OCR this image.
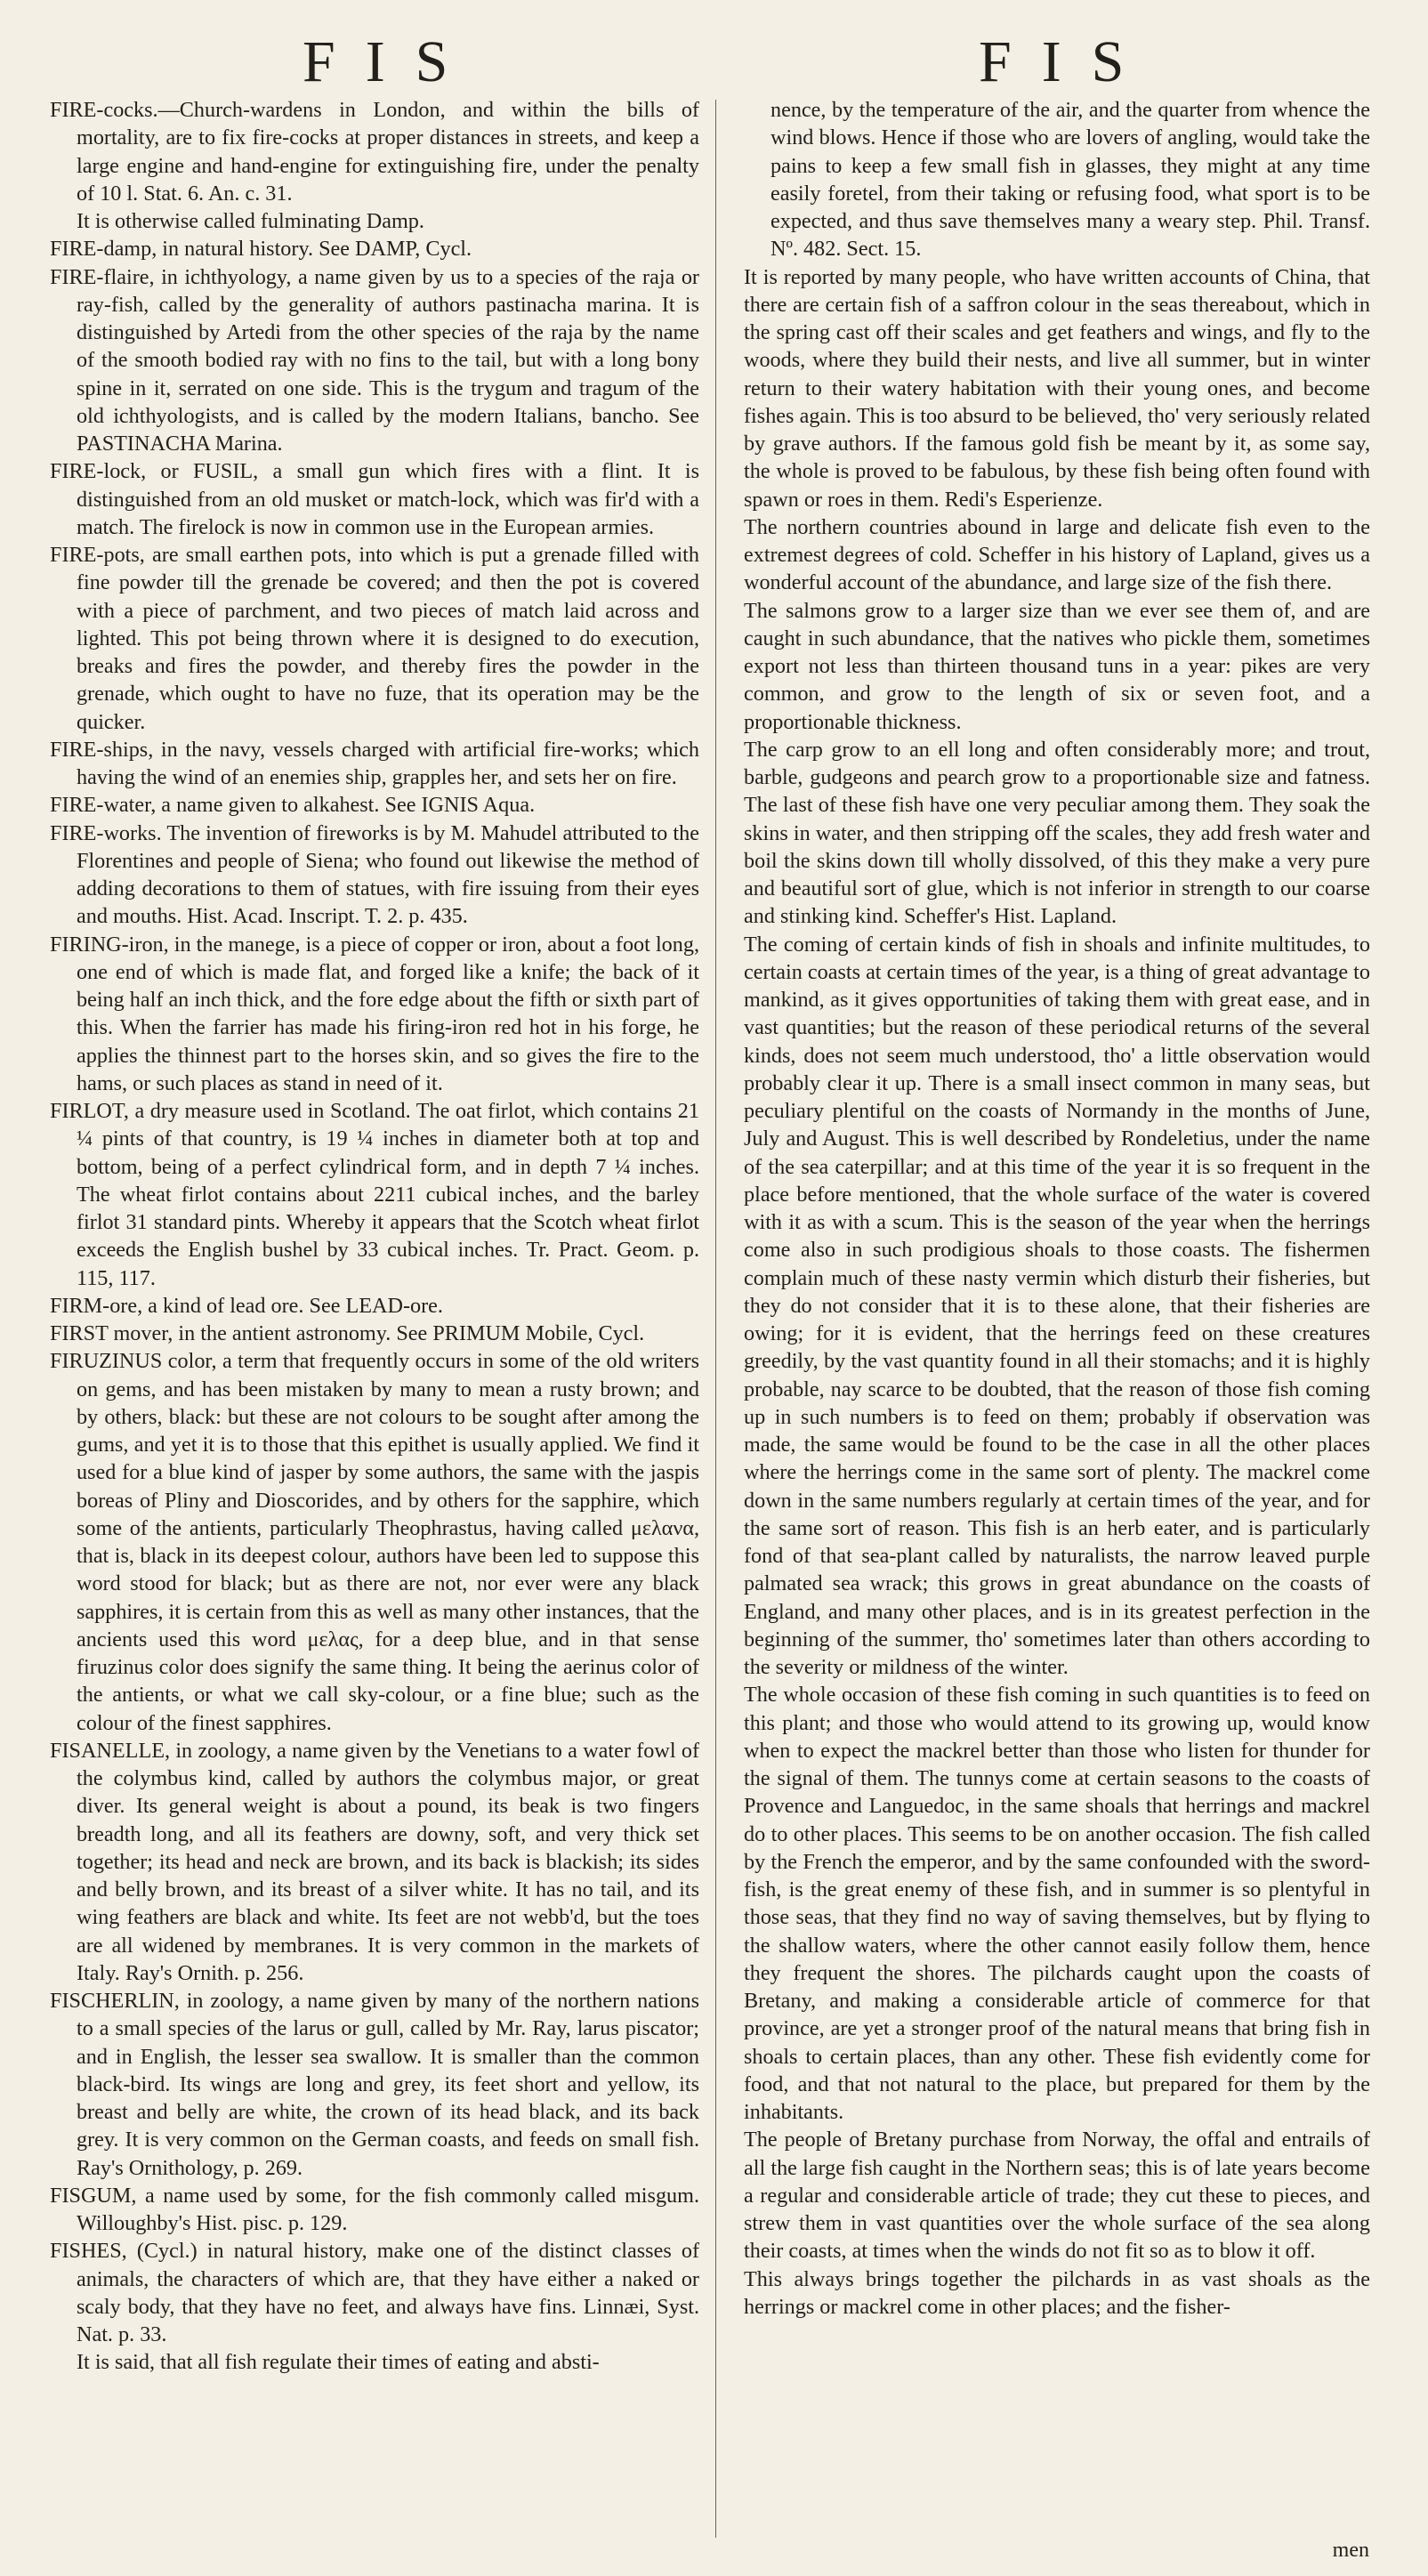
FIS	FIS

FIRE-cocks.—Church-wardens in London, and within the bills of mortality, are to fix fire-cocks at proper distances in streets, and keep a large engine and hand-engine for extinguishing fire, under the penalty of 10 l. Stat. 6. An. c. 31.

It is otherwise called fulminating Damp.

FIRE-damp, in natural history. See DAMP, Cycl.

FIRE-flaire, in ichthyology, a name given by us to a species of the raja or ray-fish, called by the generality of authors pastinacha marina. It is distinguished by Artedi from the other species of the raja by the name of the smooth bodied ray with no fins to the tail, but with a long bony spine in it, serrated on one side. This is the trygum and tragum of the old ichthyologists, and is called by the modern Italians, bancho. See PASTINACHA Marina.

FIRE-lock, or FUSIL, a small gun which fires with a flint. It is distinguished from an old musket or match-lock, which was fir'd with a match. The firelock is now in common use in the European armies.

FIRE-pots, are small earthen pots, into which is put a grenade filled with fine powder till the grenade be covered; and then the pot is covered with a piece of parchment, and two pieces of match laid across and lighted. This pot being thrown where it is designed to do execution, breaks and fires the powder, and thereby fires the powder in the grenade, which ought to have no fuze, that its operation may be the quicker.

FIRE-ships, in the navy, vessels charged with artificial fire-works; which having the wind of an enemies ship, grapples her, and sets her on fire.

FIRE-water, a name given to alkahest. See IGNIS Aqua.

FIRE-works. The invention of fireworks is by M. Mahudel attributed to the Florentines and people of Siena; who found out likewise the method of adding decorations to them of statues, with fire issuing from their eyes and mouths. Hist. Acad. Inscript. T. 2. p. 435.

FIRING-iron, in the manege, is a piece of copper or iron, about a foot long, one end of which is made flat, and forged like a knife; the back of it being half an inch thick, and the fore edge about the fifth or sixth part of this. When the farrier has made his firing-iron red hot in his forge, he applies the thinnest part to the horses skin, and so gives the fire to the hams, or such places as stand in need of it.

FIRLOT, a dry measure used in Scotland. The oat firlot, which contains 21 ¼ pints of that country, is 19 ¼ inches in diameter both at top and bottom, being of a perfect cylindrical form, and in depth 7 ¼ inches. The wheat firlot contains about 2211 cubical inches, and the barley firlot 31 standard pints. Whereby it appears that the Scotch wheat firlot exceeds the English bushel by 33 cubical inches. Tr. Pract. Geom. p. 115, 117.

FIRM-ore, a kind of lead ore. See LEAD-ore.

FIRST mover, in the antient astronomy. See PRIMUM Mobile, Cycl.

FIRUZINUS color, a term that frequently occurs in some of the old writers on gems, and has been mistaken by many to mean a rusty brown; and by others, black: but these are not colours to be sought after among the gums, and yet it is to those that this epithet is usually applied. We find it used for a blue kind of jasper by some authors, the same with the jaspis boreas of Pliny and Dioscorides, and by others for the sapphire, which some of the antients, particularly Theophrastus, having called μελανα, that is, black in its deepest colour, authors have been led to suppose this word stood for black; but as there are not, nor ever were any black sapphires, it is certain from this as well as many other instances, that the ancients used this word μελας, for a deep blue, and in that sense firuzinus color does signify the same thing. It being the aerinus color of the antients, or what we call sky-colour, or a fine blue; such as the colour of the finest sapphires.

FISANELLE, in zoology, a name given by the Venetians to a water fowl of the colymbus kind, called by authors the colymbus major, or great diver. Its general weight is about a pound, its beak is two fingers breadth long, and all its feathers are downy, soft, and very thick set together; its head and neck are brown, and its back is blackish; its sides and belly brown, and its breast of a silver white. It has no tail, and its wing feathers are black and white. Its feet are not webb'd, but the toes are all widened by membranes. It is very common in the markets of Italy. Ray's Ornith. p. 256.

FISCHERLIN, in zoology, a name given by many of the northern nations to a small species of the larus or gull, called by Mr. Ray, larus piscator; and in English, the lesser sea swallow. It is smaller than the common black-bird. Its wings are long and grey, its feet short and yellow, its breast and belly are white, the crown of its head black, and its back grey. It is very common on the German coasts, and feeds on small fish. Ray's Ornithology, p. 269.

FISGUM, a name used by some, for the fish commonly called misgum. Willoughby's Hist. pisc. p. 129.

FISHES, (Cycl.) in natural history, make one of the distinct classes of animals, the characters of which are, that they have either a naked or scaly body, that they have no feet, and always have fins. Linnæi, Syst. Nat. p. 33.

It is said, that all fish regulate their times of eating and absti-

nence, by the temperature of the air, and the quarter from whence the wind blows. Hence if those who are lovers of angling, would take the pains to keep a few small fish in glasses, they might at any time easily foretel, from their taking or refusing food, what sport is to be expected, and thus save themselves many a weary step. Phil. Transf. Nº. 482. Sect. 15.

It is reported by many people, who have written accounts of China, that there are certain fish of a saffron colour in the seas thereabout, which in the spring cast off their scales and get feathers and wings, and fly to the woods, where they build their nests, and live all summer, but in winter return to their watery habitation with their young ones, and become fishes again. This is too absurd to be believed, tho' very seriously related by grave authors. If the famous gold fish be meant by it, as some say, the whole is proved to be fabulous, by these fish being often found with spawn or roes in them. Redi's Esperienze.

The northern countries abound in large and delicate fish even to the extremest degrees of cold. Scheffer in his history of Lapland, gives us a wonderful account of the abundance, and large size of the fish there.

The salmons grow to a larger size than we ever see them of, and are caught in such abundance, that the natives who pickle them, sometimes export not less than thirteen thousand tuns in a year: pikes are very common, and grow to the length of six or seven foot, and a proportionable thickness.

The carp grow to an ell long and often considerably more; and trout, barble, gudgeons and pearch grow to a proportionable size and fatness. The last of these fish have one very peculiar among them. They soak the skins in water, and then stripping off the scales, they add fresh water and boil the skins down till wholly dissolved, of this they make a very pure and beautiful sort of glue, which is not inferior in strength to our coarse and stinking kind. Scheffer's Hist. Lapland.

The coming of certain kinds of fish in shoals and infinite multitudes, to certain coasts at certain times of the year, is a thing of great advantage to mankind, as it gives opportunities of taking them with great ease, and in vast quantities; but the reason of these periodical returns of the several kinds, does not seem much understood, tho' a little observation would probably clear it up. There is a small insect common in many seas, but peculiary plentiful on the coasts of Normandy in the months of June, July and August. This is well described by Rondeletius, under the name of the sea caterpillar; and at this time of the year it is so frequent in the place before mentioned, that the whole surface of the water is covered with it as with a scum. This is the season of the year when the herrings come also in such prodigious shoals to those coasts. The fishermen complain much of these nasty vermin which disturb their fisheries, but they do not consider that it is to these alone, that their fisheries are owing; for it is evident, that the herrings feed on these creatures greedily, by the vast quantity found in all their stomachs; and it is highly probable, nay scarce to be doubted, that the reason of those fish coming up in such numbers is to feed on them; probably if observation was made, the same would be found to be the case in all the other places where the herrings come in the same sort of plenty. The mackrel come down in the same numbers regularly at certain times of the year, and for the same sort of reason. This fish is an herb eater, and is particularly fond of that sea-plant called by naturalists, the narrow leaved purple palmated sea wrack; this grows in great abundance on the coasts of England, and many other places, and is in its greatest perfection in the beginning of the summer, tho' sometimes later than others according to the severity or mildness of the winter.

The whole occasion of these fish coming in such quantities is to feed on this plant; and those who would attend to its growing up, would know when to expect the mackrel better than those who listen for thunder for the signal of them. The tunnys come at certain seasons to the coasts of Provence and Languedoc, in the same shoals that herrings and mackrel do to other places. This seems to be on another occasion. The fish called by the French the emperor, and by the same confounded with the sword-fish, is the great enemy of these fish, and in summer is so plentyful in those seas, that they find no way of saving themselves, but by flying to the shallow waters, where the other cannot easily follow them, hence they frequent the shores. The pilchards caught upon the coasts of Bretany, and making a considerable article of commerce for that province, are yet a stronger proof of the natural means that bring fish in shoals to certain places, than any other. These fish evidently come for food, and that not natural to the place, but prepared for them by the inhabitants.

The people of Bretany purchase from Norway, the offal and entrails of all the large fish caught in the Northern seas; this is of late years become a regular and considerable article of trade; they cut these to pieces, and strew them in vast quantities over the whole surface of the sea along their coasts, at times when the winds do not fit so as to blow it off.

This always brings together the pilchards in as vast shoals as the herrings or mackrel come in other places; and the fisher-

men
